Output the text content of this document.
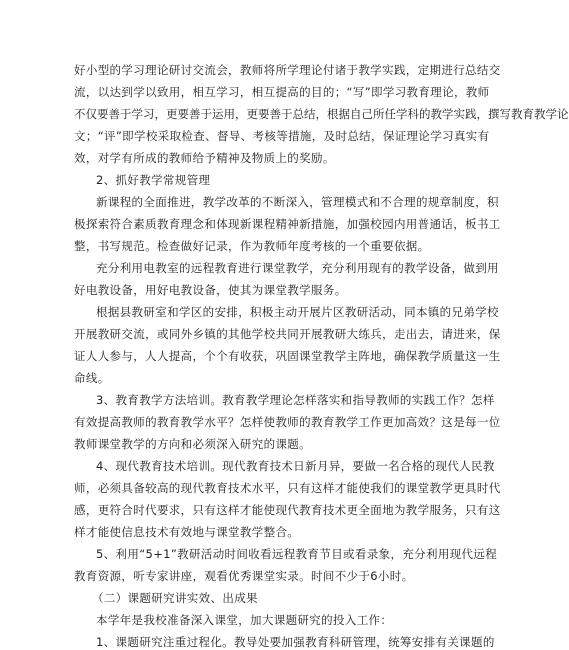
好小型的学习理论研讨交流会，教师将所学理论付诸于教学实践，定期进行总结交
流，以达到学以致用，相互学习，相互提高的目的；“写”即学习教育理论，教师
不仅要善于学习，更要善于运用，更要善于总结，根据自己所任学科的教学实践，撰写教育教学论
文；“评”即学校采取检查、督导、考核等措施，及时总结，保证理论学习真实有
效，对学有所成的教师给予精神及物质上的奖励。
2、抓好教学常规管理
新课程的全面推进，教学改革的不断深入，管理模式和不合理的规章制度，积
极探索符合素质教育理念和体现新课程精神新措施，加强校园内用普通话，板书工
整，书写规范。检查做好记录，作为教师年度考核的一个重要依据。
充分利用电教室的远程教育进行课堂教学，充分利用现有的教学设备，做到用
好电教设备，用好电教设备，使其为课堂教学服务。
根据县教研室和学区的安排，积极主动开展片区教研活动，同本镇的兄弟学校
开展教研交流，或同外乡镇的其他学校共同开展教研大练兵，走出去，请进来，保
证人人参与，人人提高，个个有收获，巩固课堂教学主阵地，确保教学质量这一生
命线。
3、教育教学方法培训。教育教学理论怎样落实和指导教师的实践工作？怎样
有效提高教师的教育教学水平？怎样使教师的教育教学工作更加高效？这是每一位
教师课堂教学的方向和必须深入研究的课题。
4、现代教育技术培训。现代教育技术日新月异，要做一名合格的现代人民教
师，必须具备较高的现代教育技术水平，只有这样才能使我们的课堂教学更具时代
感，更符合时代要求，只有这样才能使现代教育技术更全面地为教学服务，只有这
样才能使信息技术有效地与课堂教学整合。
5、利用“5+1”教研活动时间收看远程教育节目或看录象，充分利用现代远程
教育资源，听专家讲座，观看优秀课堂实录。时间不少于6小时。
（二）课题研究讲实效、出成果
本学年是我校准备深入课堂，加大课题研究的投入工作：
1、课题研究注重过程化。教导处要加强教育科研管理，统筹安排有关课题的
